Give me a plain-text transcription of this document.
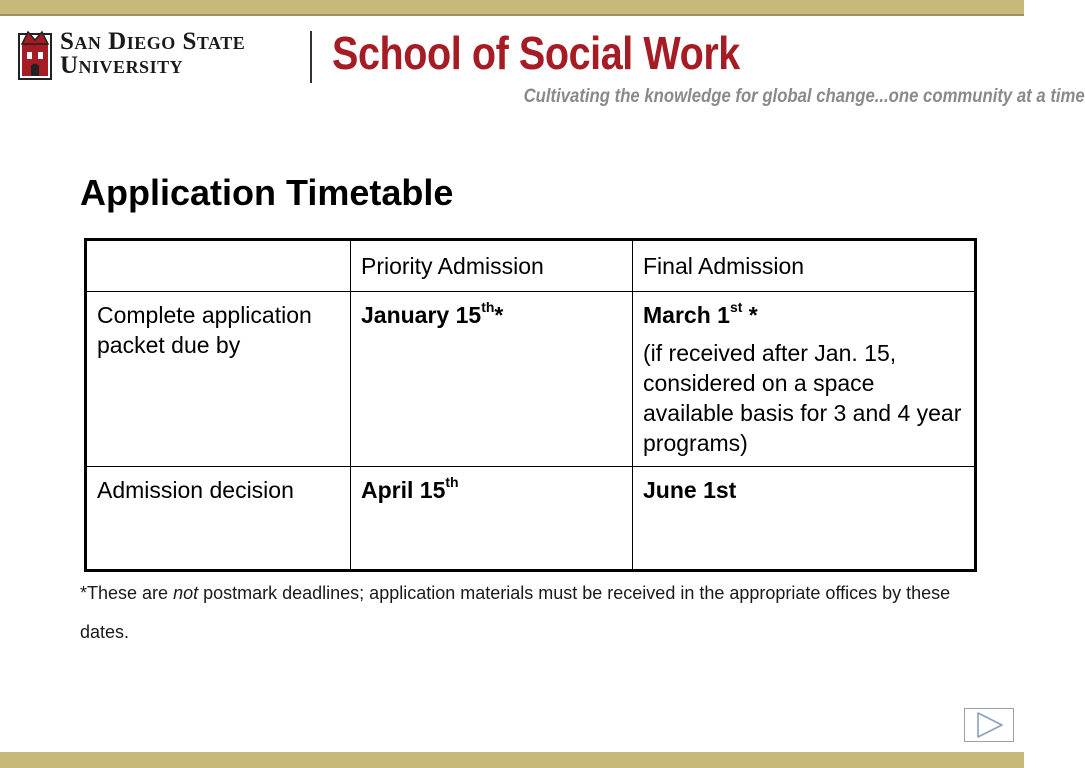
San Diego State
University	School of Social Work
Cultivating the knowledge for global change...one community at a time
Application Timetable
	Priority Admission	Final Admission
Complete application packet due by	January 15th*	March 1st *
(if received after Jan. 15, considered on a space available basis for 3 and 4 year programs)

Admission decision	April 15th	June 1st
*These are not postmark deadlines; application materials must be received in the appropriate offices by these dates.
